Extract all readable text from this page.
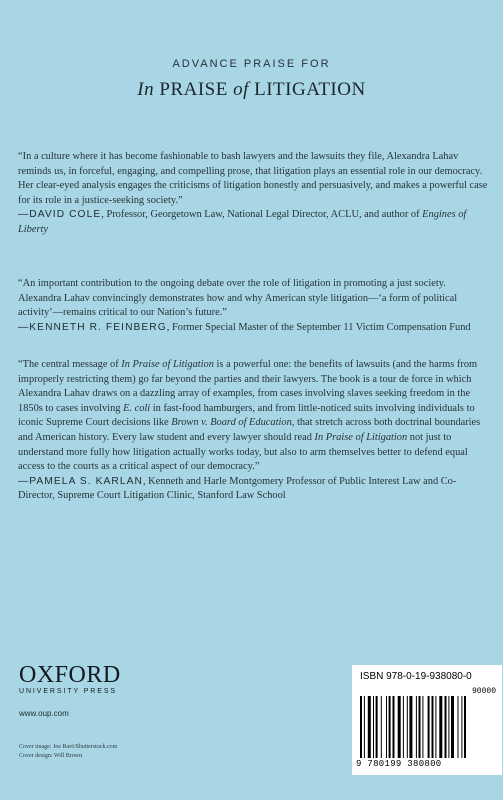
ADVANCE PRAISE FOR
In PRAISE of LITIGATION

“In a culture where it has become fashionable to bash lawyers and the lawsuits they file, Alexandra Lahav reminds us, in forceful, engaging, and compelling prose, that litigation plays an essential role in our democracy. Her clear-eyed analysis engages the criticisms of litigation honestly and persuasively, and makes a powerful case for its role in a justice-seeking society.”

—DAVID COLE, Professor, Georgetown Law, National Legal Director, ACLU, and author of Engines of Liberty

“An important contribution to the ongoing debate over the role of litigation in promoting a just society. Alexandra Lahav convincingly demonstrates how and why American style litigation—‘a form of political activity’—remains critical to our Nation’s future.”

—KENNETH R. FEINBERG, Former Special Master of the September 11 Victim Compensation Fund

“The central message of In Praise of Litigation is a powerful one: the benefits of lawsuits (and the harms from improperly restricting them) go far beyond the parties and their lawyers. The book is a tour de force in which Alexandra Lahav draws on a dazzling array of examples, from cases involving slaves seeking freedom in the 1850s to cases involving E. coli in fast-food hamburgers, and from little-noticed suits involving individuals to iconic Supreme Court decisions like Brown v. Board of Education, that stretch across both doctrinal boundaries and American history. Every law student and every lawyer should read In Praise of Litigation not just to understand more fully how litigation actually works today, but also to arm themselves better to defend equal access to the courts as a critical aspect of our democracy.”

—PAMELA S. KARLAN, Kenneth and Harle Montgomery Professor of Public Interest Law and Co-Director, Supreme Court Litigation Clinic, Stanford Law School

OXFORD
UNIVERSITY PRESS
www.oup.com
Cover image: Joe Ravi/Shutterstock.com
Cover design: Will Brown
ISBN 978-0-19-938080-0
90000
9 780199 380800
